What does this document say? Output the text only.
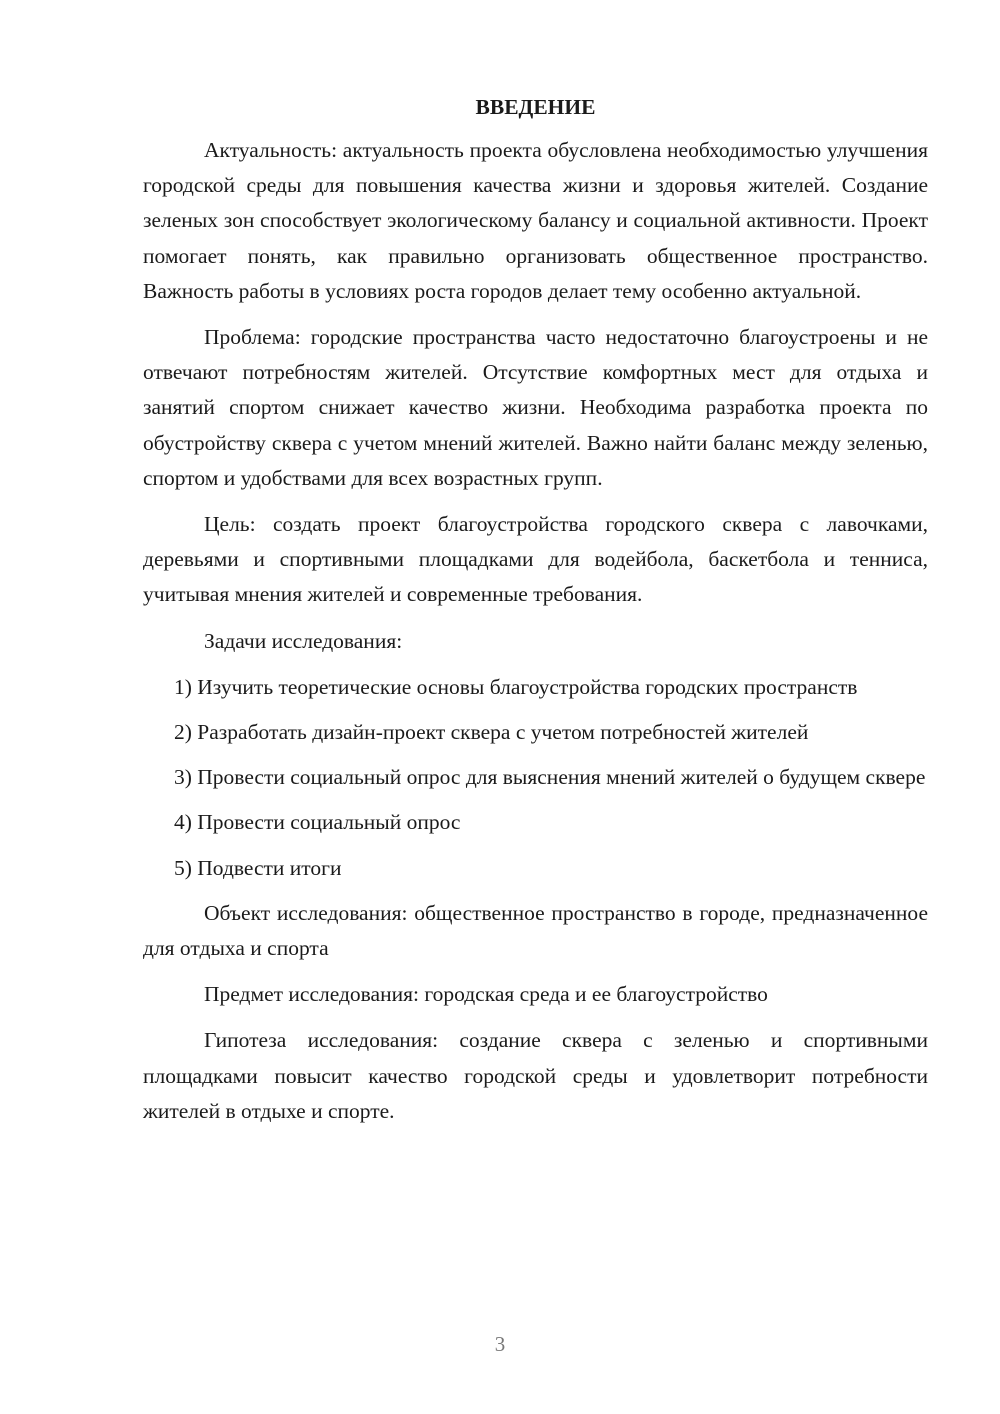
ВВЕДЕНИЕ

Актуальность: актуальность проекта обусловлена необходимостью улучшения городской среды для повышения качества жизни и здоровья жителей. Создание зеленых зон способствует экологическому балансу и социальной активности. Проект помогает понять, как правильно организовать общественное пространство. Важность работы в условиях роста городов делает тему особенно актуальной.

Проблема: городские пространства часто недостаточно благоустроены и не отвечают потребностям жителей. Отсутствие комфортных мест для отдыха и занятий спортом снижает качество жизни. Необходима разработка проекта по обустройству сквера с учетом мнений жителей. Важно найти баланс между зеленью, спортом и удобствами для всех возрастных групп.

Цель: создать проект благоустройства городского сквера с лавочками, деревьями и спортивными площадками для водейбола, баскетбола и тенниса, учитывая мнения жителей и современные требования.

Задачи исследования:

1) Изучить теоретические основы благоустройства городских пространств

2) Разработать дизайн-проект сквера с учетом потребностей жителей

3) Провести социальный опрос для выяснения мнений жителей о будущем сквере

4) Провести социальный опрос

5) Подвести итоги

Объект исследования: общественное пространство в городе, предназначенное для отдыха и спорта

Предмет исследования: городская среда и ее благоустройство

Гипотеза исследования: создание сквера с зеленью и спортивными площадками повысит качество городской среды и удовлетворит потребности жителей в отдыхе и спорте.

3
